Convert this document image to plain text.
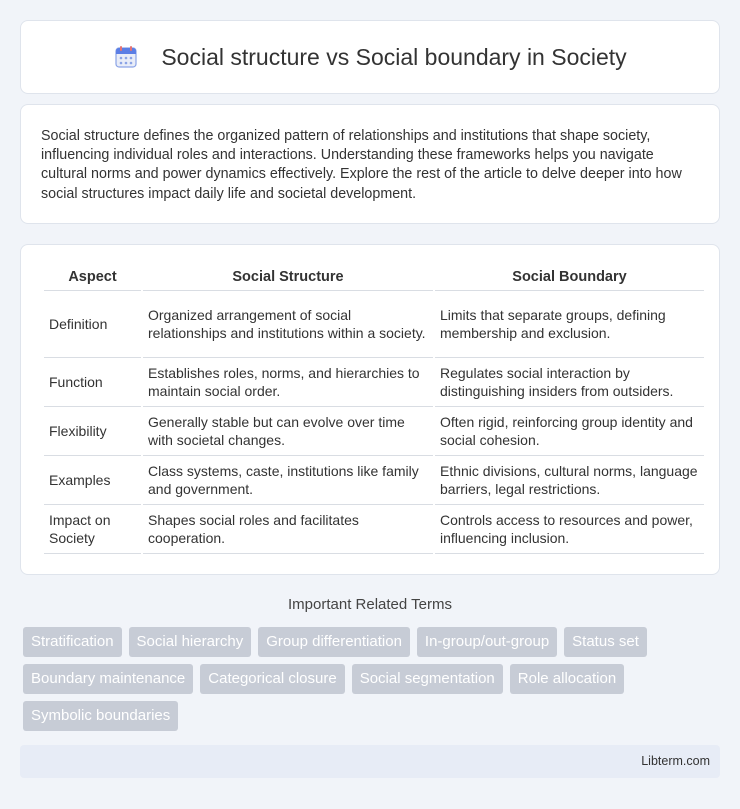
Social structure vs Social boundary in Society

Social structure defines the organized pattern of relationships and institutions that shape society, influencing individual roles and interactions. Understanding these frameworks helps you navigate cultural norms and power dynamics effectively. Explore the rest of the article to delve deeper into how social structures impact daily life and societal development.

Aspect	Social Structure	Social Boundary
Definition	Organized arrangement of social relationships and institutions within a society.	Limits that separate groups, defining membership and exclusion.
Function	Establishes roles, norms, and hierarchies to maintain social order.	Regulates social interaction by distinguishing insiders from outsiders.
Flexibility	Generally stable but can evolve over time with societal changes.	Often rigid, reinforcing group identity and social cohesion.
Examples	Class systems, caste, institutions like family and government.	Ethnic divisions, cultural norms, language barriers, legal restrictions.
Impact on Society	Shapes social roles and facilitates cooperation.	Controls access to resources and power, influencing inclusion.
Important Related Terms
Stratification	Social hierarchy	Group differentiation	In-group/out-group	Status set
Boundary maintenance	Categorical closure	Social segmentation	Role allocation
Symbolic boundaries
Libterm.com
